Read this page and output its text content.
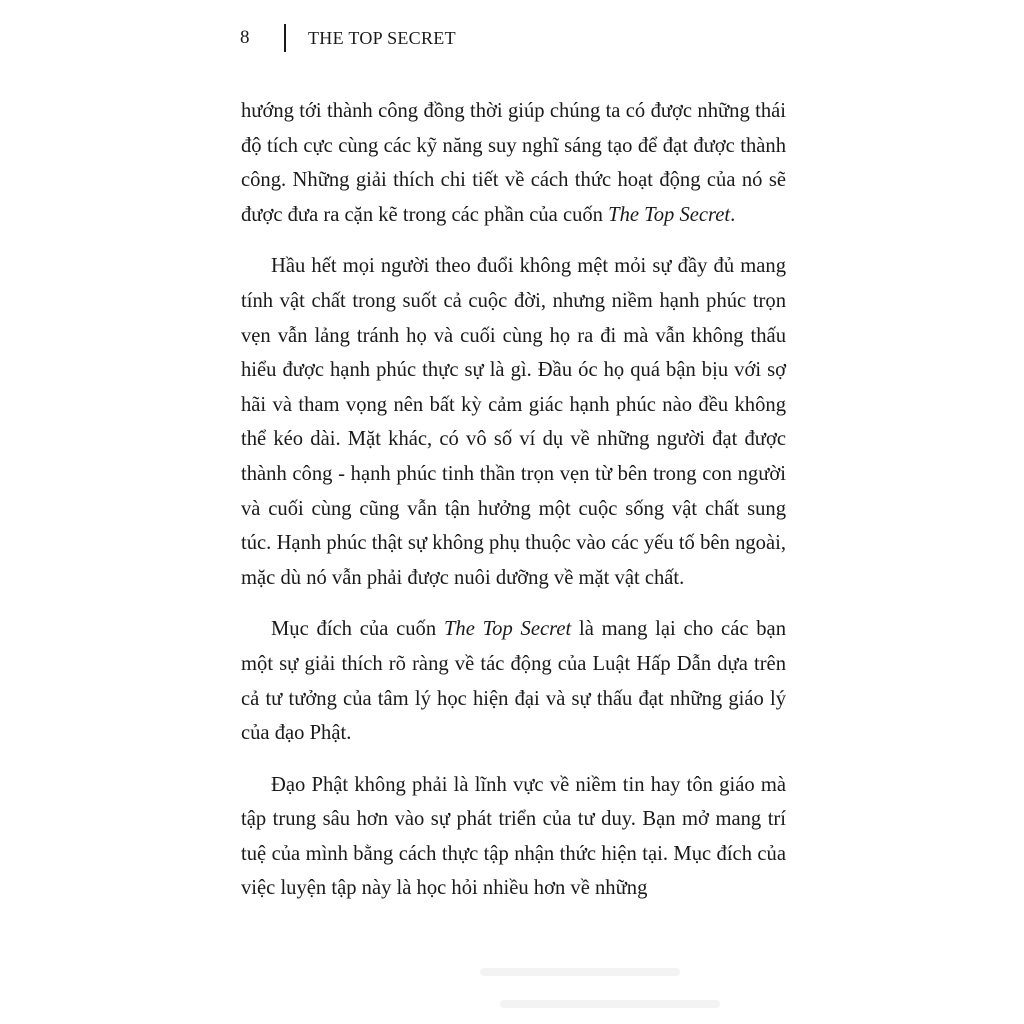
8	THE TOP SECRET

hướng tới thành công đồng thời giúp chúng ta có được những thái độ tích cực cùng các kỹ năng suy nghĩ sáng tạo để đạt được thành công. Những giải thích chi tiết về cách thức hoạt động của nó sẽ được đưa ra cặn kẽ trong các phần của cuốn The Top Secret.

Hầu hết mọi người theo đuổi không mệt mỏi sự đầy đủ mang tính vật chất trong suốt cả cuộc đời, nhưng niềm hạnh phúc trọn vẹn vẫn lảng tránh họ và cuối cùng họ ra đi mà vẫn không thấu hiểu được hạnh phúc thực sự là gì. Đầu óc họ quá bận bịu với sợ hãi và tham vọng nên bất kỳ cảm giác hạnh phúc nào đều không thể kéo dài. Mặt khác, có vô số ví dụ về những người đạt được thành công - hạnh phúc tinh thần trọn vẹn từ bên trong con người và cuối cùng cũng vẫn tận hưởng một cuộc sống vật chất sung túc. Hạnh phúc thật sự không phụ thuộc vào các yếu tố bên ngoài, mặc dù nó vẫn phải được nuôi dưỡng về mặt vật chất.

Mục đích của cuốn The Top Secret là mang lại cho các bạn một sự giải thích rõ ràng về tác động của Luật Hấp Dẫn dựa trên cả tư tưởng của tâm lý học hiện đại và sự thấu đạt những giáo lý của đạo Phật.

Đạo Phật không phải là lĩnh vực về niềm tin hay tôn giáo mà tập trung sâu hơn vào sự phát triển của tư duy. Bạn mở mang trí tuệ của mình bằng cách thực tập nhận thức hiện tại. Mục đích của việc luyện tập này là học hỏi nhiều hơn về những
